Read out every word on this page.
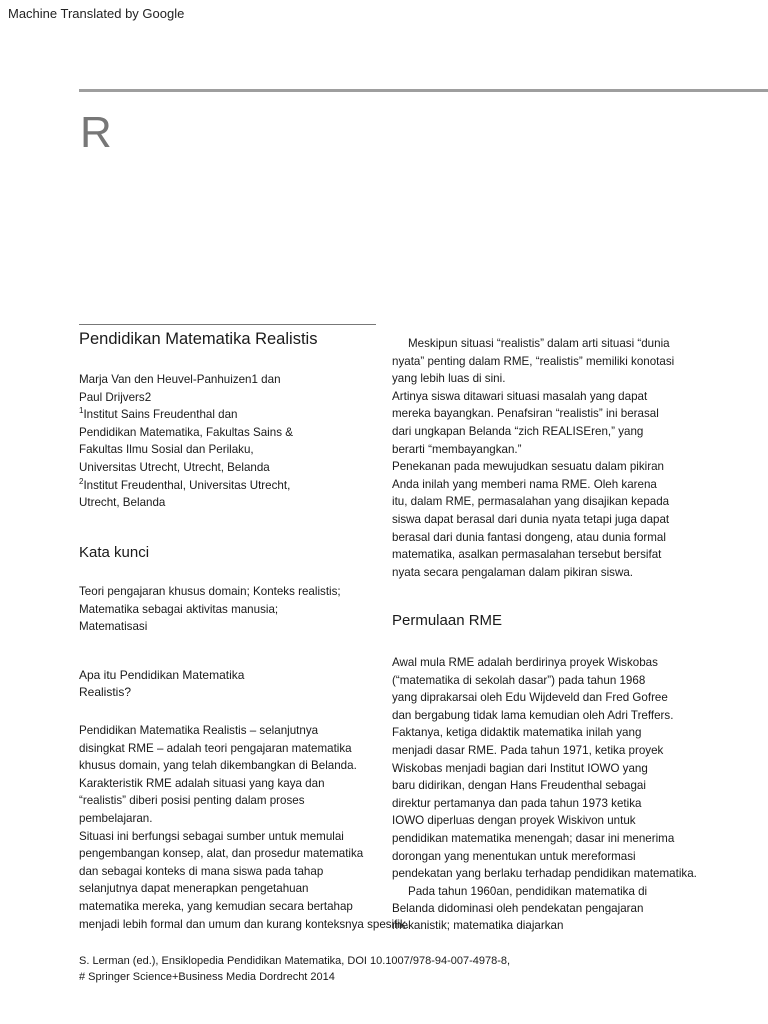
Machine Translated by Google
R
Pendidikan Matematika Realistis

Marja Van den Heuvel-Panhuizen1 dan

Paul Drijvers2

$^1$Institut Sains Freudenthal dan

Pendidikan Matematika, Fakultas Sains &

Fakultas Ilmu Sosial dan Perilaku,

Universitas Utrecht, Utrecht, Belanda

$^2$Institut Freudenthal, Universitas Utrecht,

Utrecht, Belanda

Kata kunci

Teori pengajaran khusus domain; Konteks realistis;

Matematika sebagai aktivitas manusia;

Matematisasi

Apa itu Pendidikan Matematika

Realistis?

Pendidikan Matematika Realistis – selanjutnya

disingkat RME – adalah teori pengajaran matematika

khusus domain, yang telah dikembangkan di Belanda.

Karakteristik RME adalah situasi yang kaya dan

“realistis” diberi posisi penting dalam proses

pembelajaran.

Situasi ini berfungsi sebagai sumber untuk memulai

pengembangan konsep, alat, dan prosedur matematika

dan sebagai konteks di mana siswa pada tahap

selanjutnya dapat menerapkan pengetahuan

matematika mereka, yang kemudian secara bertahap

menjadi lebih formal dan umum dan kurang konteksnya spesifik.

Meskipun situasi “realistis” dalam arti situasi “dunia

nyata” penting dalam RME, “realistis” memiliki konotasi

yang lebih luas di sini.

Artinya siswa ditawari situasi masalah yang dapat

mereka bayangkan. Penafsiran “realistis” ini berasal

dari ungkapan Belanda “zich REALISEren,” yang

berarti “membayangkan.”

Penekanan pada mewujudkan sesuatu dalam pikiran

Anda inilah yang memberi nama RME. Oleh karena

itu, dalam RME, permasalahan yang disajikan kepada

siswa dapat berasal dari dunia nyata tetapi juga dapat

berasal dari dunia fantasi dongeng, atau dunia formal

matematika, asalkan permasalahan tersebut bersifat

nyata secara pengalaman dalam pikiran siswa.

Permulaan RME

Awal mula RME adalah berdirinya proyek Wiskobas

(“matematika di sekolah dasar”) pada tahun 1968

yang diprakarsai oleh Edu Wijdeveld dan Fred Gofree

dan bergabung tidak lama kemudian oleh Adri Treffers.

Faktanya, ketiga didaktik matematika inilah yang

menjadi dasar RME. Pada tahun 1971, ketika proyek

Wiskobas menjadi bagian dari Institut IOWO yang

baru didirikan, dengan Hans Freudenthal sebagai

direktur pertamanya dan pada tahun 1973 ketika

IOWO diperluas dengan proyek Wiskivon untuk

pendidikan matematika menengah; dasar ini menerima

dorongan yang menentukan untuk mereformasi

pendekatan yang berlaku terhadap pendidikan matematika.

Pada tahun 1960an, pendidikan matematika di

Belanda didominasi oleh pendekatan pengajaran

mekanistik; matematika diajarkan

S. Lerman (ed.), Ensiklopedia Pendidikan Matematika, DOI 10.1007/978-94-007-4978-8,

# Springer Science+Business Media Dordrecht 2014
